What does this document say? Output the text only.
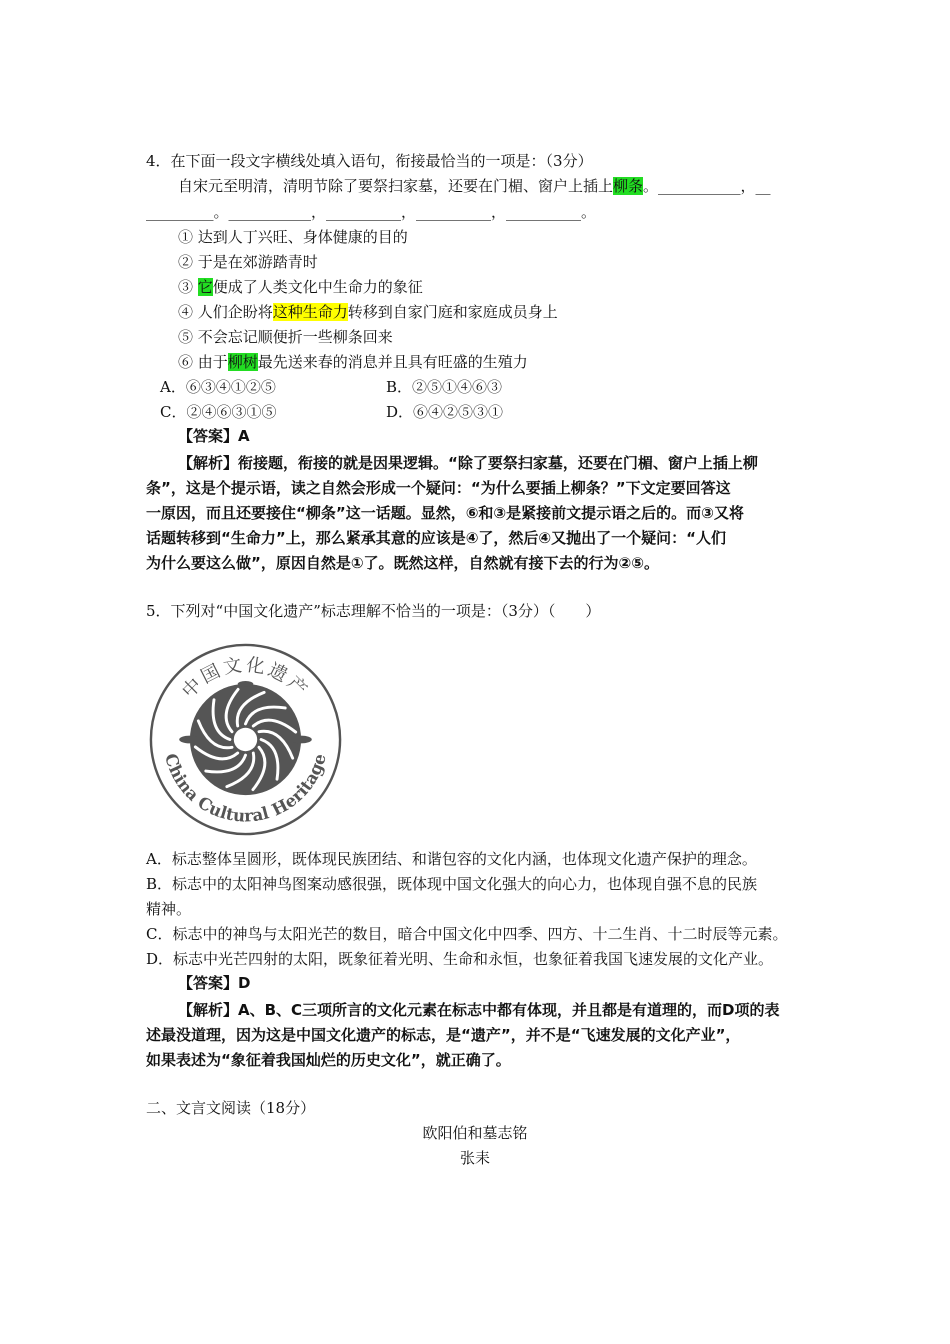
4．在下面一段文字横线处填入语句，衔接最恰当的一项是：（3分）
自宋元至明清，清明节除了要祭扫家墓，还要在门楣、窗户上插上柳条。___________，__
_________。___________，__________，__________，__________。
① 达到人丁兴旺、身体健康的目的
② 于是在郊游踏青时
③ 它便成了人类文化中生命力的象征
④ 人们企盼将这种生命力转移到自家门庭和家庭成员身上
⑤ 不会忘记顺便折一些柳条回来
⑥ 由于柳树最先送来春的消息并且具有旺盛的生殖力
A．⑥③④①②⑤	B．②⑤①④⑥③
C．②④⑥③①⑤	D．⑥④②⑤③①
【答案】A
【解析】衔接题，衔接的就是因果逻辑。“除了要祭扫家墓，还要在门楣、窗户上插上柳
条”，这是个提示语，读之自然会形成一个疑问：“为什么要插上柳条？”下文定要回答这
一原因，而且还要接住“柳条”这一话题。显然，⑥和③是紧接前文提示语之后的。而③又将
话题转移到“生命力”上，那么紧承其意的应该是④了，然后④又抛出了一个疑问：“人们
为什么要这么做”，原因自然是①了。既然这样，自然就有接下去的行为②⑤。
5．下列对“中国文化遗产”标志理解不恰当的一项是：（3分）（　　）
中国文化遗产
China Cultural Heritage
A．标志整体呈圆形，既体现民族团结、和谐包容的文化内涵，也体现文化遗产保护的理念。
B．标志中的太阳神鸟图案动感很强，既体现中国文化强大的向心力，也体现自强不息的民族
精神。
C．标志中的神鸟与太阳光芒的数目，暗合中国文化中四季、四方、十二生肖、十二时辰等元素。
D．标志中光芒四射的太阳，既象征着光明、生命和永恒，也象征着我国飞速发展的文化产业。
【答案】D
【解析】A、B、C三项所言的文化元素在标志中都有体现，并且都是有道理的，而D项的表
述最没道理，因为这是中国文化遗产的标志，是“遗产”，并不是“飞速发展的文化产业”，
如果表述为“象征着我国灿烂的历史文化”，就正确了。
二、文言文阅读（18分）
欧阳伯和墓志铭
张耒
